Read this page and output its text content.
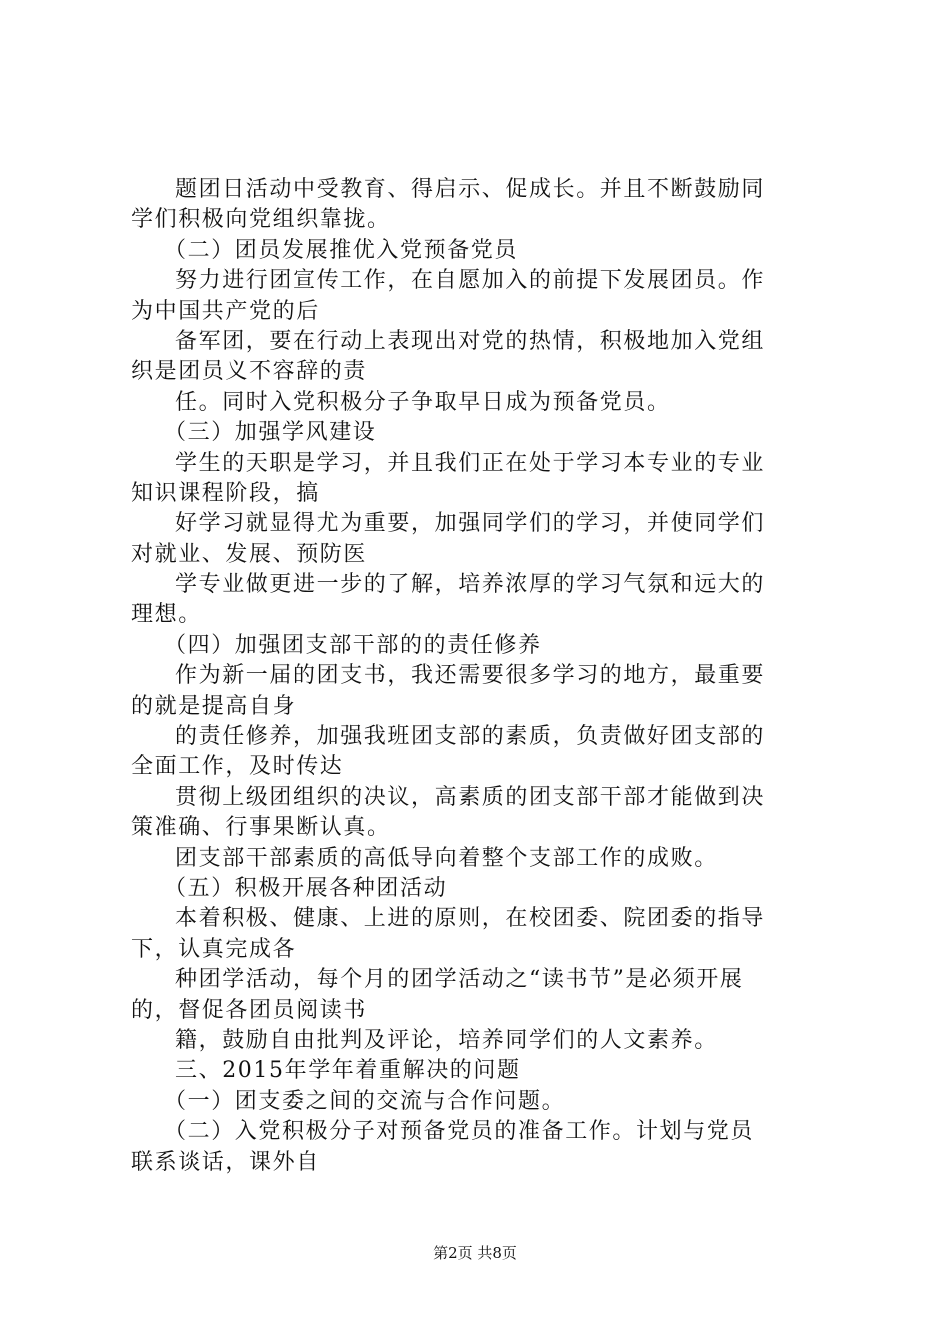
题团日活动中受教育、得启示、促成长。并且不断鼓励同
学们积极向党组织靠拢。
（二）团员发展推优入党预备党员
努力进行团宣传工作，在自愿加入的前提下发展团员。作
为中国共产党的后
备军团，要在行动上表现出对党的热情，积极地加入党组
织是团员义不容辞的责
任。同时入党积极分子争取早日成为预备党员。
（三）加强学风建设
学生的天职是学习，并且我们正在处于学习本专业的专业
知识课程阶段，搞
好学习就显得尤为重要，加强同学们的学习，并使同学们
对就业、发展、预防医
学专业做更进一步的了解，培养浓厚的学习气氛和远大的
理想。
（四）加强团支部干部的的责任修养
作为新一届的团支书，我还需要很多学习的地方，最重要
的就是提高自身
的责任修养，加强我班团支部的素质，负责做好团支部的
全面工作，及时传达
贯彻上级团组织的决议，高素质的团支部干部才能做到决
策准确、行事果断认真。
团支部干部素质的高低导向着整个支部工作的成败。
（五）积极开展各种团活动
本着积极、健康、上进的原则，在校团委、院团委的指导
下，认真完成各
种团学活动，每个月的团学活动之“读书节”是必须开展
的，督促各团员阅读书
籍，鼓励自由批判及评论，培养同学们的人文素养。
三、2015年学年着重解决的问题
（一）团支委之间的交流与合作问题。
（二）入党积极分子对预备党员的准备工作。计划与党员
联系谈话，课外自
第2页 共8页
